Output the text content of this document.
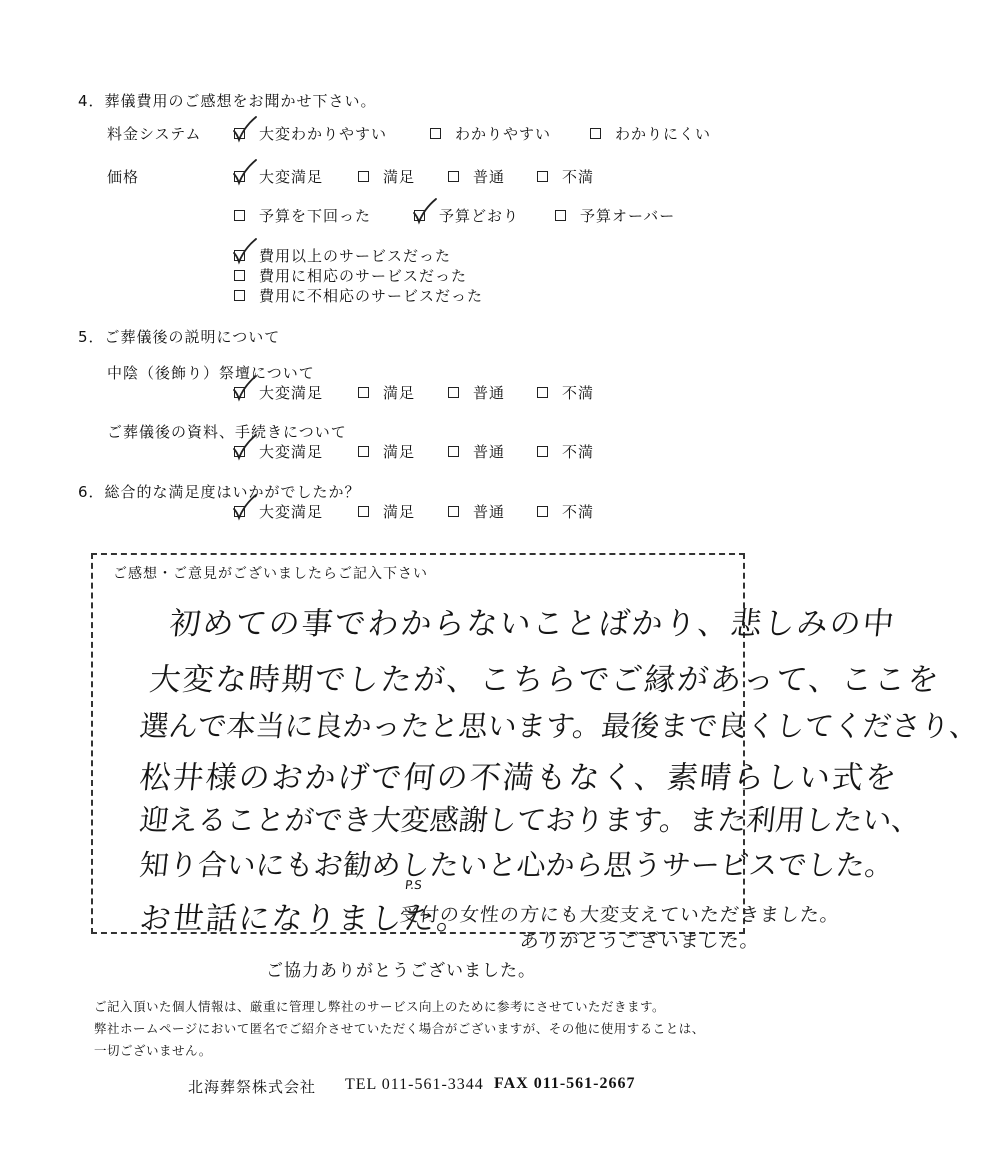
4．葬儀費用のご感想をお聞かせ下さい。
料金システム	大変わかりやすい	わかりやすい	わかりにくい
価格	大変満足	満足	普通	不満
予算を下回った	予算どおり	予算オーバー
費用以上のサービスだった
費用に相応のサービスだった
費用に不相応のサービスだった
5．ご葬儀後の説明について
中陰（後飾り）祭壇について
大変満足	満足	普通	不満
ご葬儀後の資料、手続きについて
大変満足	満足	普通	不満
6．総合的な満足度はいかがでしたか？
大変満足	満足	普通	不満
ご感想・ご意見がございましたらご記入下さい
初めての事でわからないことばかり、悲しみの中
大変な時期でしたが、こちらでご縁があって、ここを
選んで本当に良かったと思います。最後まで良くしてくださり、
松井様のおかげで何の不満もなく、素晴らしい式を
迎えることができ大変感謝しております。また利用したい、
知り合いにもお勧めしたいと心から思うサービスでした。
お世話になりました。
P.S
受付の女性の方にも大変支えていただきました。
ありがとうございました。
ご協力ありがとうございました。
ご記入頂いた個人情報は、厳重に管理し弊社のサービス向上のために参考にさせていただきます。
弊社ホームページにおいて匿名でご紹介させていただく場合がございますが、その他に使用することは、
一切ございません。
北海葬祭株式会社 TEL 011-561-3344 FAX 011-561-2667
